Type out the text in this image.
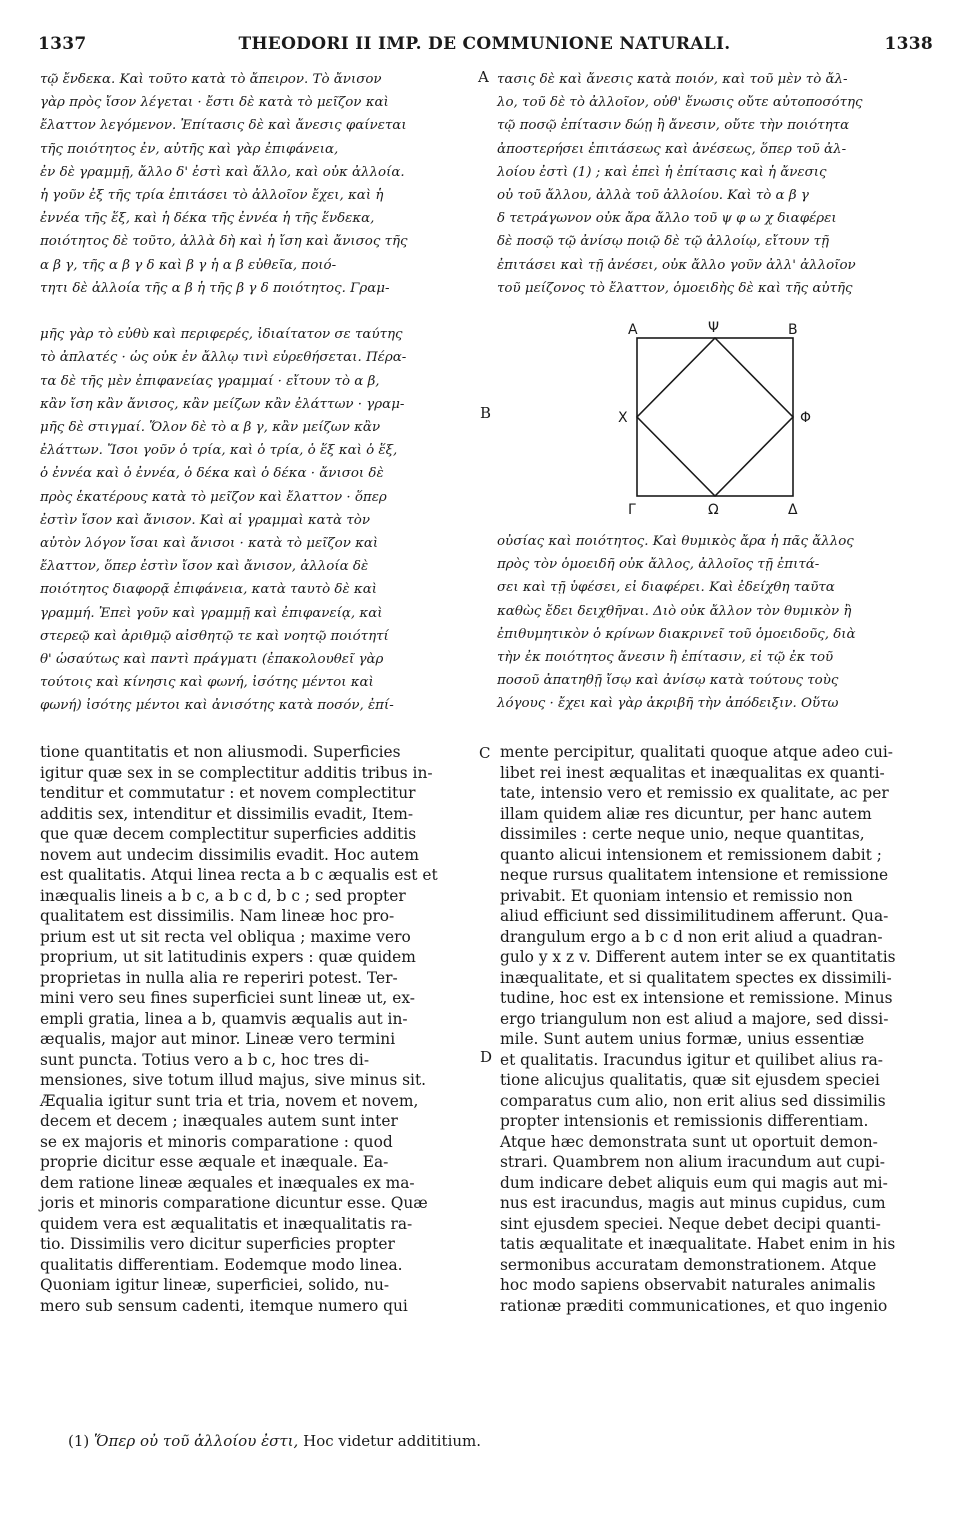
1337	THEODORI II IMP. DE COMMUNIONE NATURALI.	1338

τῷ ἔνδεκα. Καὶ τοῦτο κατὰ τὸ ἄπειρον. Τὸ ἄνισον

γὰρ πρὸς ἴσον λέγεται · ἔστι δὲ κατὰ τὸ μεῖζον καὶ

ἔλαττον λεγόμενον. Ἐπίτασις δὲ καὶ ἄνεσις φαίνεται

τῆς ποιότητος ἐν, αὐτῆς καὶ γὰρ ἐπιφάνεια,

ἐν δὲ γραμμῇ, ἄλλο δ' ἐστὶ καὶ ἄλλο, καὶ οὐκ ἀλλοία.

ἡ γοῦν ἐξ τῆς τρία ἐπιτάσει τὸ ἀλλοῖον ἔχει, καὶ ἡ

ἐννέα τῆς ἕξ, καὶ ἡ δέκα τῆς ἐννέα ἡ τῆς ἕνδεκα,

ποιότητος δὲ τοῦτο, ἀλλὰ δὴ καὶ ἡ ἴση καὶ ἄνισος τῆς

α β γ, τῆς α β γ δ καὶ β γ ἡ α β εὐθεῖα, ποιό-

τητι δὲ ἀλλοία τῆς α β ἡ τῆς β γ δ ποιότητος. Γραμ-

μῆς γὰρ τὸ εὐθὺ καὶ περιφερές, ἰδιαίτατον σε ταύτης

τὸ ἀπλατές · ὡς οὐκ ἐν ἄλλῳ τινὶ εὑρεθήσεται. Πέρα-

τα δὲ τῆς μὲν ἐπιφανείας γραμμαί · εἴτουν τὸ α β,

κἂν ἴση κἂν ἄνισος, κἂν μείζων κἂν ἐλάττων · γραμ-

μῆς δὲ στιγμαί. Ὅλον δὲ τὸ α β γ, κἂν μείζων κἂν

ἐλάττων. Ἴσοι γοῦν ὁ τρία, καὶ ὁ τρία, ὁ ἕξ καὶ ὁ ἕξ,

ὁ ἐννέα καὶ ὁ ἐννέα, ὁ δέκα καὶ ὁ δέκα · ἄνισοι δὲ

πρὸς ἑκατέρους κατὰ τὸ μεῖζον καὶ ἔλαττον · ὅπερ

ἐστὶν ἴσον καὶ ἄνισον. Καὶ αἱ γραμμαὶ κατὰ τὸν

αὐτὸν λόγον ἴσαι καὶ ἄνισοι · κατὰ τὸ μεῖζον καὶ

ἔλαττον, ὅπερ ἐστὶν ἴσον καὶ ἄνισον, ἀλλοία δὲ

ποιότητος διαφορᾷ ἐπιφάνεια, κατὰ ταυτὸ δὲ καὶ

γραμμή. Ἐπεὶ γοῦν καὶ γραμμῇ καὶ ἐπιφανείᾳ, καὶ

στερεῷ καὶ ἀριθμῷ αἰσθητῷ τε καὶ νοητῷ ποιότητί

θ' ὡσαύτως καὶ παντὶ πράγματι (ἐπακολουθεῖ γὰρ

τούτοις καὶ κίνησις καὶ φωνή, ἰσότης μέντοι καὶ

φωνή) ἰσότης μέντοι καὶ ἀνισότης κατὰ ποσόν, ἐπί-

τασις δὲ καὶ ἄνεσις κατὰ ποιόν, καὶ τοῦ μὲν τὸ ἄλ-

λο, τοῦ δὲ τὸ ἀλλοῖον, οὐθ' ἕνωσις οὔτε αὐτοποσότης

τῷ ποσῷ ἐπίτασιν δώῃ ἢ ἄνεσιν, οὔτε τὴν ποιότητα

ἀποστερήσει ἐπιτάσεως καὶ ἀνέσεως, ὅπερ τοῦ ἀλ-

λοίου ἐστὶ (1) ; καὶ ἐπεὶ ἡ ἐπίτασις καὶ ἡ ἄνεσις

οὐ τοῦ ἄλλου, ἀλλὰ τοῦ ἀλλοίου. Καὶ τὸ α β γ

δ τετράγωνον οὐκ ἄρα ἄλλο τοῦ ψ φ ω χ διαφέρει

δὲ ποσῷ τῷ ἀνίσῳ ποιῷ δὲ τῷ ἀλλοίῳ, εἴτουν τῇ

ἐπιτάσει καὶ τῇ ἀνέσει, οὐκ ἄλλο γοῦν ἀλλ' ἀλλοῖον

τοῦ μείζονος τὸ ἔλαττον, ὁμοειδὴς δὲ καὶ τῆς αὐτῆς

A	Ψ	B
X	Φ
Γ	Ω	Δ

οὐσίας καὶ ποιότητος. Καὶ θυμικὸς ἄρα ἡ πᾶς ἄλλος

πρὸς τὸν ὁμοειδῆ οὐκ ἄλλος, ἀλλοῖος τῇ ἐπιτά-

σει καὶ τῇ ὑφέσει, εἰ διαφέρει. Καὶ ἐδείχθη ταῦτα

καθὼς ἔδει δειχθῆναι. Διὸ οὐκ ἄλλον τὸν θυμικὸν ἢ

ἐπιθυμητικὸν ὁ κρίνων διακρινεῖ τοῦ ὁμοειδοῦς, διὰ

τὴν ἐκ ποιότητος ἄνεσιν ἢ ἐπίτασιν, εἰ τῷ ἐκ τοῦ

ποσοῦ ἀπατηθῇ ἴσῳ καὶ ἀνίσῳ κατὰ τούτους τοὺς

λόγους · ἔχει καὶ γὰρ ἀκριβῆ τὴν ἀπόδειξιν. Οὕτω

A
B
C
D

tione quantitatis et non aliusmodi. Superficies

igitur quæ sex in se complectitur additis tribus in-

tenditur et commutatur : et novem complectitur

additis sex, intenditur et dissimilis evadit, Item-

que quæ decem complectitur superficies additis

novem aut undecim dissimilis evadit. Hoc autem

est qualitatis. Atqui linea recta a b c æqualis est et

inæqualis lineis a b c, a b c d, b c ; sed propter

qualitatem est dissimilis. Nam lineæ hoc pro-

prium est ut sit recta vel obliqua ; maxime vero

proprium, ut sit latitudinis expers : quæ quidem

proprietas in nulla alia re reperiri potest. Ter-

mini vero seu fines superficiei sunt lineæ ut, ex-

empli gratia, linea a b, quamvis æqualis aut in-

æqualis, major aut minor. Lineæ vero termini

sunt puncta. Totius vero a b c, hoc tres di-

mensiones, sive totum illud majus, sive minus sit.

Æqualia igitur sunt tria et tria, novem et novem,

decem et decem ; inæquales autem sunt inter

se ex majoris et minoris comparatione : quod

proprie dicitur esse æquale et inæquale. Ea-

dem ratione lineæ æquales et inæquales ex ma-

joris et minoris comparatione dicuntur esse. Quæ

quidem vera est æqualitatis et inæqualitatis ra-

tio. Dissimilis vero dicitur superficies propter

qualitatis differentiam. Eodemque modo linea.

Quoniam igitur lineæ, superficiei, solido, nu-

mero sub sensum cadenti, itemque numero qui

mente percipitur, qualitati quoque atque adeo cui-

libet rei inest æqualitas et inæqualitas ex quanti-

tate, intensio vero et remissio ex qualitate, ac per

illam quidem aliæ res dicuntur, per hanc autem

dissimiles : certe neque unio, neque quantitas,

quanto alicui intensionem et remissionem dabit ;

neque rursus qualitatem intensione et remissione

privabit. Et quoniam intensio et remissio non

aliud efficiunt sed dissimilitudinem afferunt. Qua-

drangulum ergo a b c d non erit aliud a quadran-

gulo y x z v. Different autem inter se ex quantitatis

inæqualitate, et si qualitatem spectes ex dissimili-

tudine, hoc est ex intensione et remissione. Minus

ergo triangulum non est aliud a majore, sed dissi-

mile. Sunt autem unius formæ, unius essentiæ

et qualitatis. Iracundus igitur et quilibet alius ra-

tione alicujus qualitatis, quæ sit ejusdem speciei

comparatus cum alio, non erit alius sed dissimilis

propter intensionis et remissionis differentiam.

Atque hæc demonstrata sunt ut oportuit demon-

strari. Quambrem non alium iracundum aut cupi-

dum indicare debet aliquis eum qui magis aut mi-

nus est iracundus, magis aut minus cupidus, cum

sint ejusdem speciei. Neque debet decipi quanti-

tatis æqualitate et inæqualitate. Habet enim in his

sermonibus accuratam demonstrationem. Atque

hoc modo sapiens observabit naturales animalis

rationæ præditi communicationes, et quo ingenio

(1) Ὅπερ οὐ τοῦ ἀλλοίου ἐστι, Hoc videtur addititium.
